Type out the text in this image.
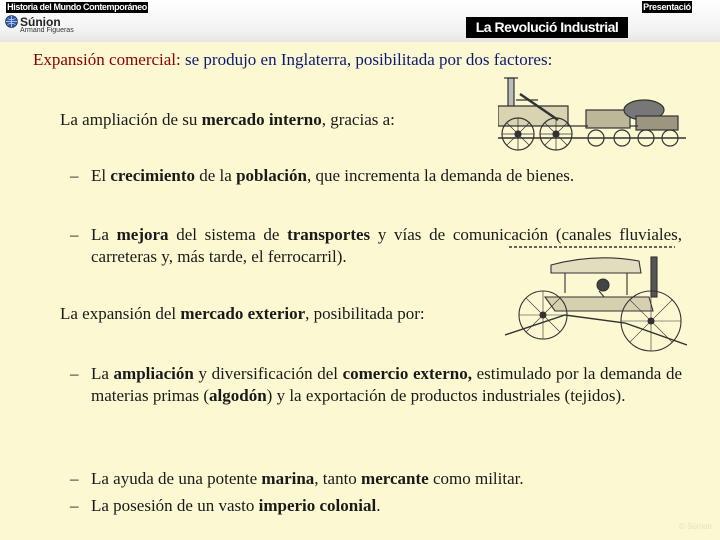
Historia del Mundo Contemporáneo
Súnion
Armand Figueras
Presentació
La Revolució Industrial
Expansión comercial: se produjo en Inglaterra, posibilitada por dos factores:
La ampliación de su mercado interno, gracias a:
– El crecimiento de la población, que incrementa la demanda de bienes.
– La mejora del sistema de transportes y vías de comunicación (canales fluviales, carreteras y, más tarde, el ferrocarril).
La expansión del mercado exterior, posibilitada por:
– La ampliación y diversificación del comercio externo, estimulado por la demanda de materias primas (algodón) y la exportación de productos industriales (tejidos).
– La ayuda de una potente marina, tanto mercante como militar.
– La posesión de un vasto imperio colonial.
© Súnion
